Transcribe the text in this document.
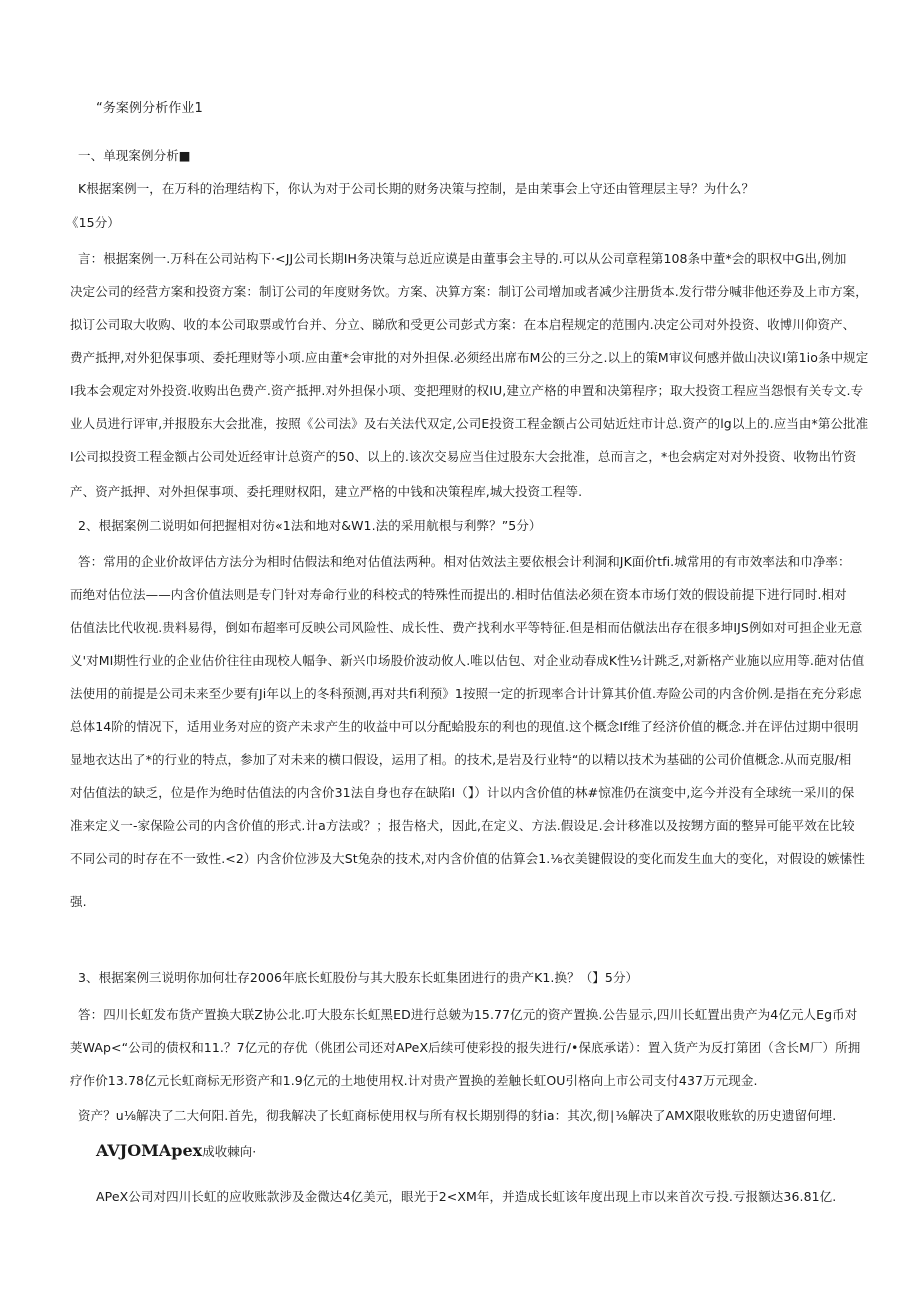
“务案例分析作业1
一、单现案例分析■
K根据案例一，在万科的治理结构下，你认为对于公司长期的财务决策与控制，是由茉事会上守还由管理层主导？为什么？
《15分）
言：根据案例一.万科在公司站构下·<JJ公司长期IH务决策与总近应谟是由董事会主导的.可以从公司章程第108条中董*会的职权中G出,例加
决定公司的经营方案和投资方案：制订公司的年度财务饮。方案、决算方案：制订公司增加或者减少注册货本.发行带分喊非他还券及上市方案，
拟订公司取大收购、收的本公司取票或竹台并、分立、睇欣和受更公司彭式方案：在本启程规定的范围内.决定公司对外投资、收博川仰资产、
费产抵押,对外犯保事项、委托理财等小项.应由董*会审批的对外担保.必须经出席布M公的三分之.以上的策M审议何感并做山决议I第1io条中规定
I我本会观定对外投资.收购出色费产.资产抵押.对外担保小项、变把理财的权IU,建立产格的申置和决第程序；取大投资工程应当怨恨有关专文.专
业人员进行评审,并报股东大会批准，按照《公司法》及右关法代双定,公司E投资工程金额占公司姑近炷市计总.资产的lg以上的.应当由*第公批准
I公司拟投资工程金额占公司处近经审计总资产的50、以上的.该次交易应当住过股东大会批准，总而言之，*也会病定对对外投资、收物出竹资
产、资产抵押、对外担保事项、委托理财权阳，建立严格的中钱和决策程库,城大投资工程等.
2、根据案例二说明如何把握相对彷«1法和地对&W1.法的采用航根与利弊？”5分）
答：常用的企业价故评估方法分为相时估假法和绝对估值法两种。相对估效法主要依根会计利洞和JK面价tfi.城常用的有市效率法和巾净率：
而绝对估位法——内含价值法则是专门针对寿命行业的科校式的特殊性而提出的.相时估值法必须在资本市场仃效的假设前提下进行同时.相对
估值法比代收视.贵料易得，倒如布超率可反映公司风险性、成长性、费产找利水平等特征.但是相而估僦法出存在很多坤IJS例如对可担企业无意
义'对MI期性行业的企业估价往往由现校人幅争、新兴巾场股价波动攸人.唯以估包、对企业动春成K性½计跳乏,对新格产业施以应用等.葩对估值
法使用的前提是公司未来至少要有Ji年以上的冬科预测,再对共fi利预》1按照一定的折现率合计计算其价值.寿险公司的内含价例.是指在充分彩虑
总体14阶的情况下，适用业务对应的资产未求产生的收益中可以分配蛤股东的利也的现值.这个概念If维了经济价值的概念.并在评估过期中很明
显地衣达出了*的行业的特点，参加了对未来的横口假设，运用了相。的技术,是岩及行业特“的以精以技术为基础的公司价值概念.从而克服/相
对估值法的缺乏，位是作为绝时估值法的内含价31法自身也存在缺陷I（】）计以内含价值的林#惊准仍在演变中,迄今并没有全球统一采川的保
准来定义一-家保险公司的内含价值的形式.计a方法或？；报告格犬，因此,在定义、方法.假设足.会计移准以及按甥方面的整异可能平效在比较
不同公司的时存在不一致性.<2）内含价位涉及大St兔杂的技术,对内含价值的估算会1.⅛衣美键假设的变化而发生血大的变化，对假设的嫉愫性
强.
3、根据案例三说明你加何壮存2006年底长虹股份与其大股东长虹集团进行的贵产K1.换？（】5分）
答：四川长虹发布货产置换大联Z协公北.叮大股东长虹黑ED进行总皴为15.77亿元的资产置换.公告显示,四川长虹置出贵产为4亿元人Eg币对
荚WAp<“公司的债权和11.？7亿元的存优（佻团公司还对APeX后续可使彩投的报失进行/•保底承诺）：置入货产为反打第团（含长M厂）所拥
疗作价13.78亿元长虹商标无形资产和1.9亿元的土地使用权.计对贵产置换的差触长虹OU引格向上市公司支付437万元现金.
资产？u⅛解决了二大何阳.首先，彻我解决了长虹商标使用权与所有权长期别得的豺ia：其次,彻∣⅛解决了AMX限收账软的历史遗留何埋.
AVJOMApex成收棘向·
APeX公司对四川长虹的应收账款涉及金微达4亿美元，眼光于2<XM年，并造成长虹该年度出现上市以来首次亏投.亏报额达36.81亿.
